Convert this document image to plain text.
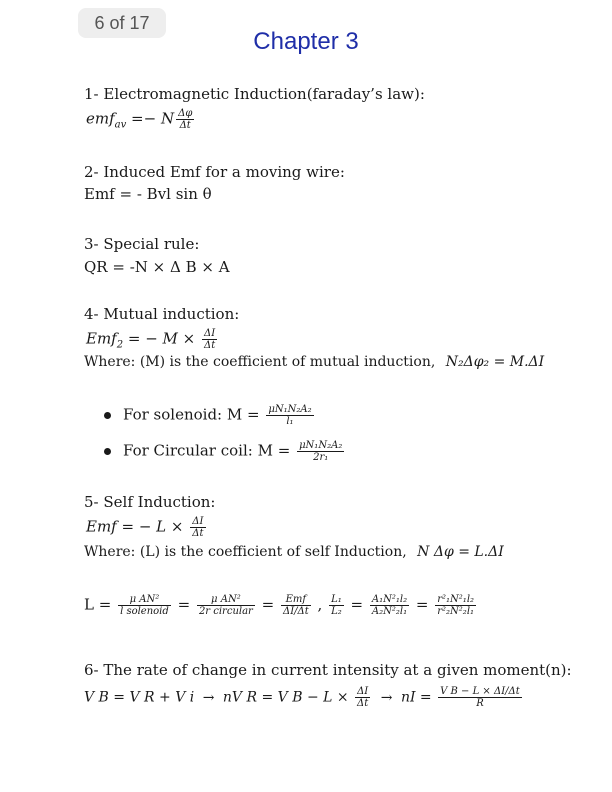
6 of 17
Chapter 3
1- Electromagnetic Induction(faraday’s law):
emf$_{av}$ =− N $\frac{\Delta\varphi}{\Delta t}$
2- Induced Emf for a moving wire:
Emf = - Bvl sin θ
3- Special rule:
QR = -N × Δ B × A
4- Mutual induction:
Emf$_2$ = − $M \times \frac{\Delta I}{\Delta t}$
Where: (M) is the coefficient of mutual induction, N₂Δφ₂ = M.ΔI
For solenoid: $M = \frac{\text{μN₁N₂A₂}}{\text{l₁}}$
For Circular coil: $M = \frac{\text{μN₁N₂A₂}}{\text{2r₁}}$
5- Self Induction:
Emf = − $L \times \frac{\Delta I}{\Delta t}$
Where: (L) is the coefficient of self Induction, N Δφ = L.ΔI
$L = \frac{\text{μ AN²}}{\text{l solenoid}} = \frac{\text{μ AN²}}{\text{2r circular}} = \frac{\text{Emf}}{\Delta I/\Delta t}$ , $\frac{\text{L₁}}{\text{L₂}} = \frac{\text{A₁N²₁l₂}}{\text{A₂N²₂l₁}} = \frac{\text{r²₁N²₁l₂}}{\text{r²₂N²₂l₁}}$
6- The rate of change in current intensity at a given moment(n):
V B = V R + V i → nV R = V $B - L \times \frac{\Delta I}{\Delta t}$ → nI = $\frac{\text{V B − L × ΔI/Δt}}{R}$
